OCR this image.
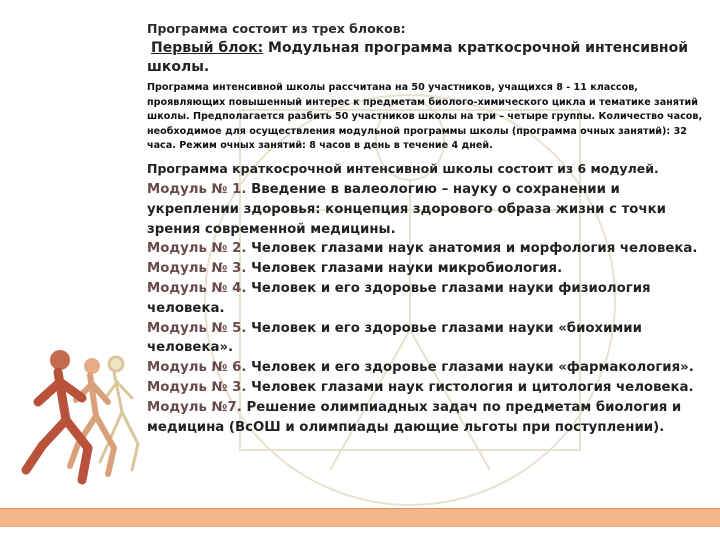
Программа состоит из трех блоков:

Первый блок: Модульная программа краткосрочной интенсивной школы.

Программа интенсивной школы рассчитана на 50 участников, учащихся 8 - 11 классов, проявляющих повышенный интерес к предметам биолого-химического цикла и тематике занятий школы. Предполагается разбить 50 участников школы на три – четыре группы. Количество часов, необходимое для осуществления модульной программы школы (программа очных занятий): 32 часа. Режим очных занятий: 8 часов в день в течение 4 дней.

Программа краткосрочной интенсивной школы состоит из 6 модулей.

Модуль № 1. Введение в валеологию – науку о сохранении и укреплении здоровья: концепция здорового образа жизни с точки зрения современной медицины.

Модуль № 2. Человек глазами наук анатомия и морфология человека.

Модуль № 3. Человек глазами науки микробиология.

Модуль № 4. Человек и его здоровье глазами науки физиология человека.

Модуль № 5. Человек и его здоровье глазами науки «биохимии человека».

Модуль № 6. Человек и его здоровье глазами науки «фармакология».

Модуль № 3. Человек глазами наук гистология и цитология человека.

Модуль №7. Решение олимпиадных задач по предметам биология и медицина (ВсОШ и олимпиады дающие льготы при поступлении).
